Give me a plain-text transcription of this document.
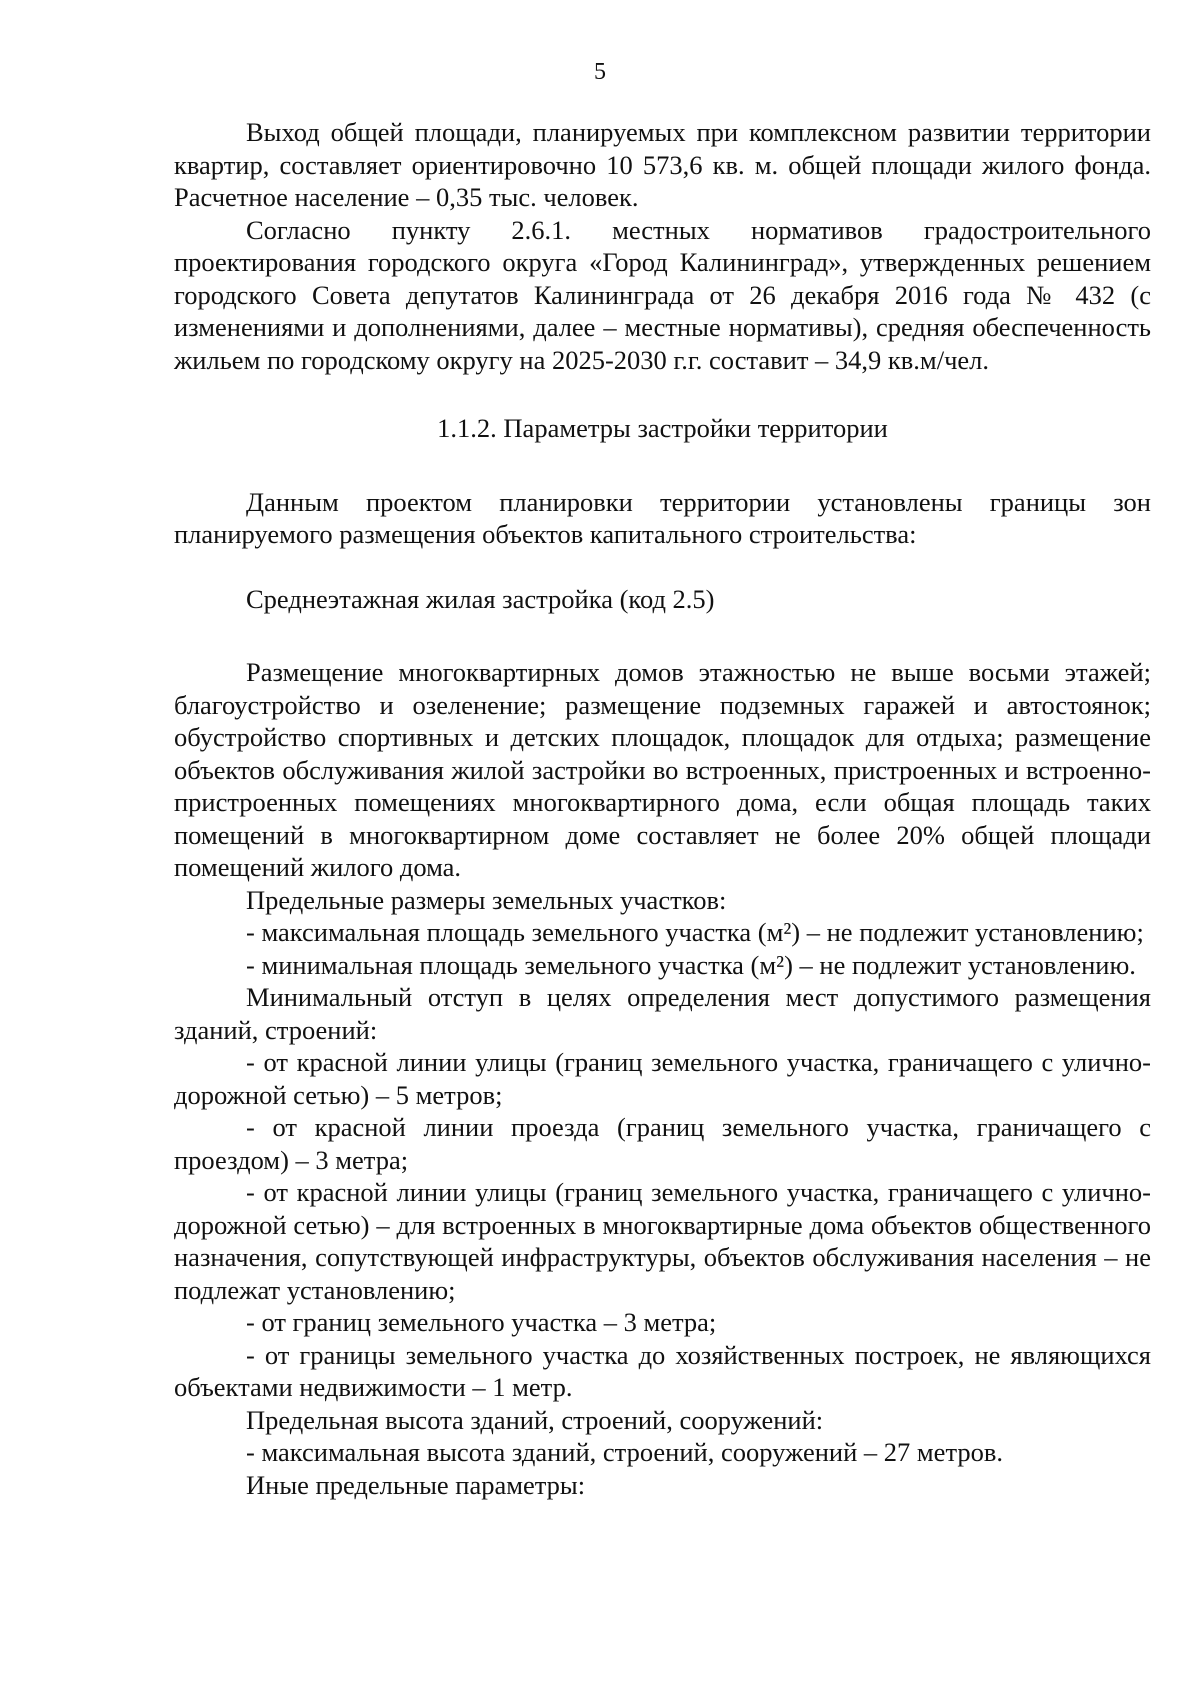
5

Выход общей площади, планируемых при комплексном развитии территории квартир, составляет ориентировочно 10 573,6 кв. м. общей площади жилого фонда. Расчетное население – 0,35 тыс. человек.

Согласно пункту 2.6.1. местных нормативов градостроительного проектирования городского округа «Город Калининград», утвержденных решением городского Совета депутатов Калининграда от 26 декабря 2016 года № 432 (с изменениями и дополнениями, далее – местные нормативы), средняя обеспеченность жильем по городскому округу на 2025-2030 г.г. составит – 34,9 кв.м/чел.

1.1.2. Параметры застройки территории

Данным проектом планировки территории установлены границы зон планируемого размещения объектов капитального строительства:

Среднеэтажная жилая застройка (код 2.5)

Размещение многоквартирных домов этажностью не выше восьми этажей; благоустройство и озеленение; размещение подземных гаражей и автостоянок; обустройство спортивных и детских площадок, площадок для отдыха; размещение объектов обслуживания жилой застройки во встроенных, пристроенных и встроенно-пристроенных помещениях многоквартирного дома, если общая площадь таких помещений в многоквартирном доме составляет не более 20% общей площади помещений жилого дома.

Предельные размеры земельных участков:

- максимальная площадь земельного участка (м²) – не подлежит установлению;

- минимальная площадь земельного участка (м²) – не подлежит установлению.

Минимальный отступ в целях определения мест допустимого размещения зданий, строений:

- от красной линии улицы (границ земельного участка, граничащего с улично-дорожной сетью) – 5 метров;

- от красной линии проезда (границ земельного участка, граничащего с проездом) – 3 метра;

- от красной линии улицы (границ земельного участка, граничащего с улично-дорожной сетью) – для встроенных в многоквартирные дома объектов общественного назначения, сопутствующей инфраструктуры, объектов обслуживания населения – не подлежат установлению;

- от границ земельного участка – 3 метра;

- от границы земельного участка до хозяйственных построек, не являющихся объектами недвижимости – 1 метр.

Предельная высота зданий, строений, сооружений:

- максимальная высота зданий, строений, сооружений – 27 метров.

Иные предельные параметры:
